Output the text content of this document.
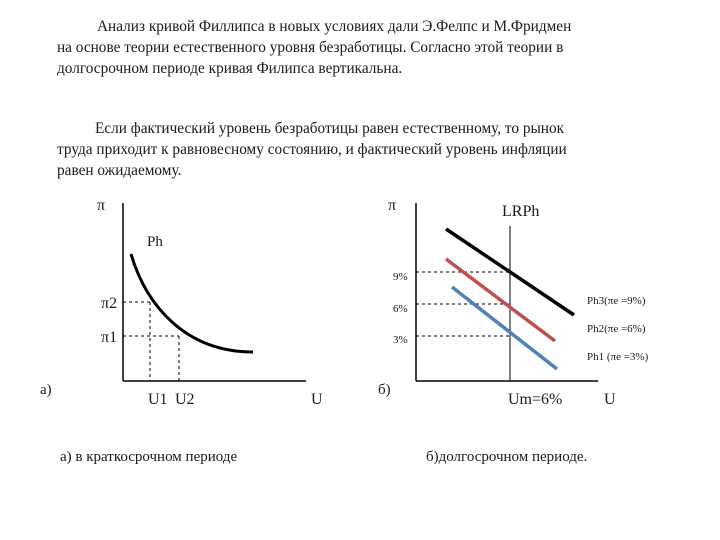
Анализ кривой Филлипса в новых условиях дали Э.Фелпс и М.Фридмен
на основе теории естественного уровня безработицы. Согласно этой теории в
долгосрочном периоде кривая Филипса вертикальна.
Если фактический уровень безработицы равен естественному, то рынок
труда приходит к равновесному состоянию, и фактический уровень инфляции
равен ожидаемому.
π
Ph
π2
π1
а)
U1 U2	U
а) в краткосрочном периоде
π	LRPh
9%
6%
3%
Ph3(πe =9%)
Ph2(πe =6%)
Ph1 (πe =3%)
б)
Um=6%	U
б)долгосрочном периоде.
